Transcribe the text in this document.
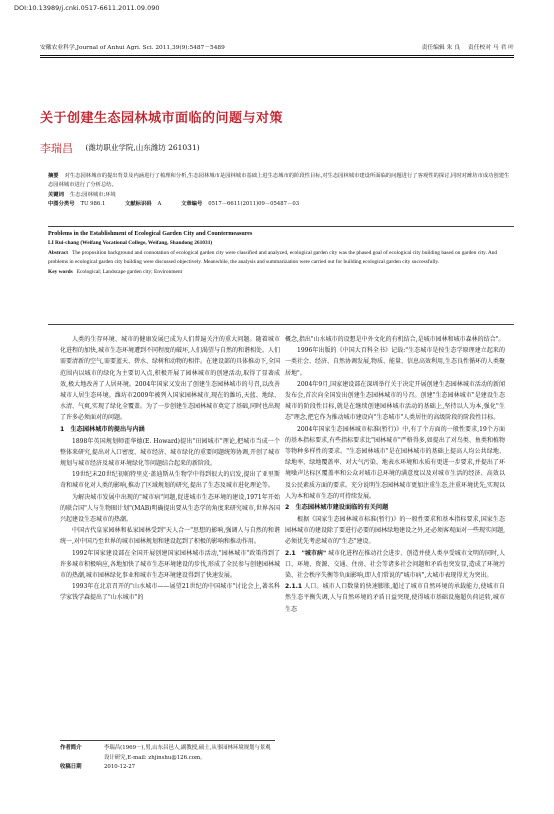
DOI:10.13989/j.cnki.0517-6611.2011.09.090
安徽农业科学,Journal of Anhui Agri. Sci. 2011,39(9):5487－5489	责任编辑 朱 良 责任校对 马 君 叶
关于创建生态园林城市面临的问题与对策
李瑞昌 (潍坊职业学院,山东潍坊 261031)
摘要 对生态园林城市的提出背景及内涵进行了梳理和分析,生态园林城市是园林城市基础上进生态城市的阶段性目标,对生态园林城市建设所面临的问题进行了客观性的探讨,同时对潍坊市成功创建生态园林城市进行了分析总结。
关键词 生态;园林城市;环境
中图分类号 TU 986.1	文献标识码 A	文章编号 0517－6611(2011)09－05487－03
Problems in the Establishment of Ecological Garden City and Countermeasures
LI Rui-chang (Weifang Vocational College, Weifang, Shandong 261031)
Abstract The proposition background and connotation of ecological garden city were classified and analyzed, ecological garden city was the phased goal of ecological city building based on garden city. And problems in ecological garden city building were discussed objectively. Meanwhile, the analysis and summarization were carried out for building ecological garden city successfully.
Key words Ecological; Landscape garden city; Environment

人类的生存环境、城市的健康发展已成为人们普遍关注的重大问题。随着城市化进程的加快,城市生态环境遭到不同程度的破坏,人们渴望与自然的和谐相处。人们需要清新的空气,需要蓝天、碧水、绿树和动物的相伴。在建设部的具体推动下,全国范围内以城市的绿化为主要切入点,积极开展了园林城市的创建活动,取得了显著成效,极大地改善了人居环境。2004年国家又发出了创建生态园林城市的号召,以改善城市人居生态环境。潍坊市2009年被列入国家园林城市,现在的潍坊,天蓝、地绿、水清、气爽,实现了绿化全覆盖。为了一步创建生态园林城市奠定了基础,同时也出现了许多必须面对的问题。

1　生态园林城市的提出与内涵

1898年英国规划师霍华德(E. Howard)提出"田园城市"理论,把城市当成一个整体来研究,提出对入口密度、城市经济、城市绿化的重要问题统筹协调,开创了城市规划与城市经济及城市环境绿化等问题结合起来的新阶段。

19世纪末20世纪初帕特里克·盖迪斯从生物学中得到很大的启发,提出了亚里斯奇和城市化对人类的影响,推动了区域规划的研究,提出了生态及城市进化理论等。

为解决城市发展中出现的"城市病"问题,促进城市生态环境的建设,1971年开始的联合国"人与生物圈计划"(MAB)明确提出要从生态学的角度来研究城市,世界各国兴起建设生态城市的热潮。

中国古代皇家园林和私家园林受到"天人合一"思想的影响,强调人与自然的和谐统一,对中国乃至世界的城市园林规划和建设起到了积极的影响和推动作用。

1992年国家建设部在全国开展创建国家园林城市活动,"园林城市"政策得到了许多城市积极响应,各地加快了城市生态环境建设的步伐,形成了全民参与创建园林城市的热潮,城市园林绿化事业和城市生态环境建设得到了快速发展。

1993年在北京召开的"山水城市——展望21世纪的中国城市"讨论会上,著名科学家钱学森提出了"山水城市"的

作者简介	李瑞昌(1969－),男,山东昌邑人,副教授,硕士,从事园林环境规划与景观设计研究,E-mail: zhjinshu@126.com。
收稿日期	2010-12-27

概念,指出"山水城市的设想是中外文化的有机结合,是城市园林和城市森林的结合"。

1996年出版的《中国大百科全书》记载:"生态城市是按生态学原理建立起来的一类社会、经济、自然协调发展,物质、能量、信息高效利用,生态良性循环的人类聚居地"。

2004年9月,国家建设部在深圳举行关于决定开展创建生态园林城市活动的新闻发布会,首次向全国发出创建生态园林城市的号召。创建"生态园林城市"是建设生态城市的阶段性目标,就是在继续创建园林城市活动的基础上,坚持以人为本,强化"生态"理念,把它作为推动城市建设向"生态城市"人类居住的高级阶段的阶段性目标。

2004年国家生态园林城市标准(暂行)》中,有了个方面的一般性要求,19个方面的基本指标要求,有些指标要求比"园林城市"严格得多,如提出了对鸟类、鱼类和植物等物种多样性的要求。"生态园林城市"是在园林城市的基础上提高人均公共绿地、绿地率、绿地覆盖率、对大气污染、地表水环境和水质有更进一步要求,并提出了环境噪声达标区覆盖率和公众对城市总环境的满意度以及对城市生活的经济、高效以及公民素质方面的要求。充分说明生态园林城市更加注重生态,注重环境优先,实现以人为本和城市生态的可持续发展。

2　生态园林城市建设面临的有关问题

根据《国家生态园林城市标准(暂行)》的一般性要求和基本指标要求,国家生态园林城市的建设除了要进行必要的园林绿地建设之外,还必须客观面对一些现实问题,必须优先考虑城市的"生态"建设。

2.1　"城市病" 城市化进程在推动社会进步、创造并使人类享受城市文明的同时,人口、环境、资源、交通、住房、社会等诸多社会问题和矛盾也突发显,造成了环境污染、社会秩序失衡等负面影响,即人们常说的"城市病",大城市表现得尤为突出。

2.1.1 人口。城市人口数量的快速膨胀,超过了城市自然环境的承载能力,使城市自然生态平衡失调,人与自然环境的矛盾日益突现,使得城市基础设施超负荷运转,城市生态
